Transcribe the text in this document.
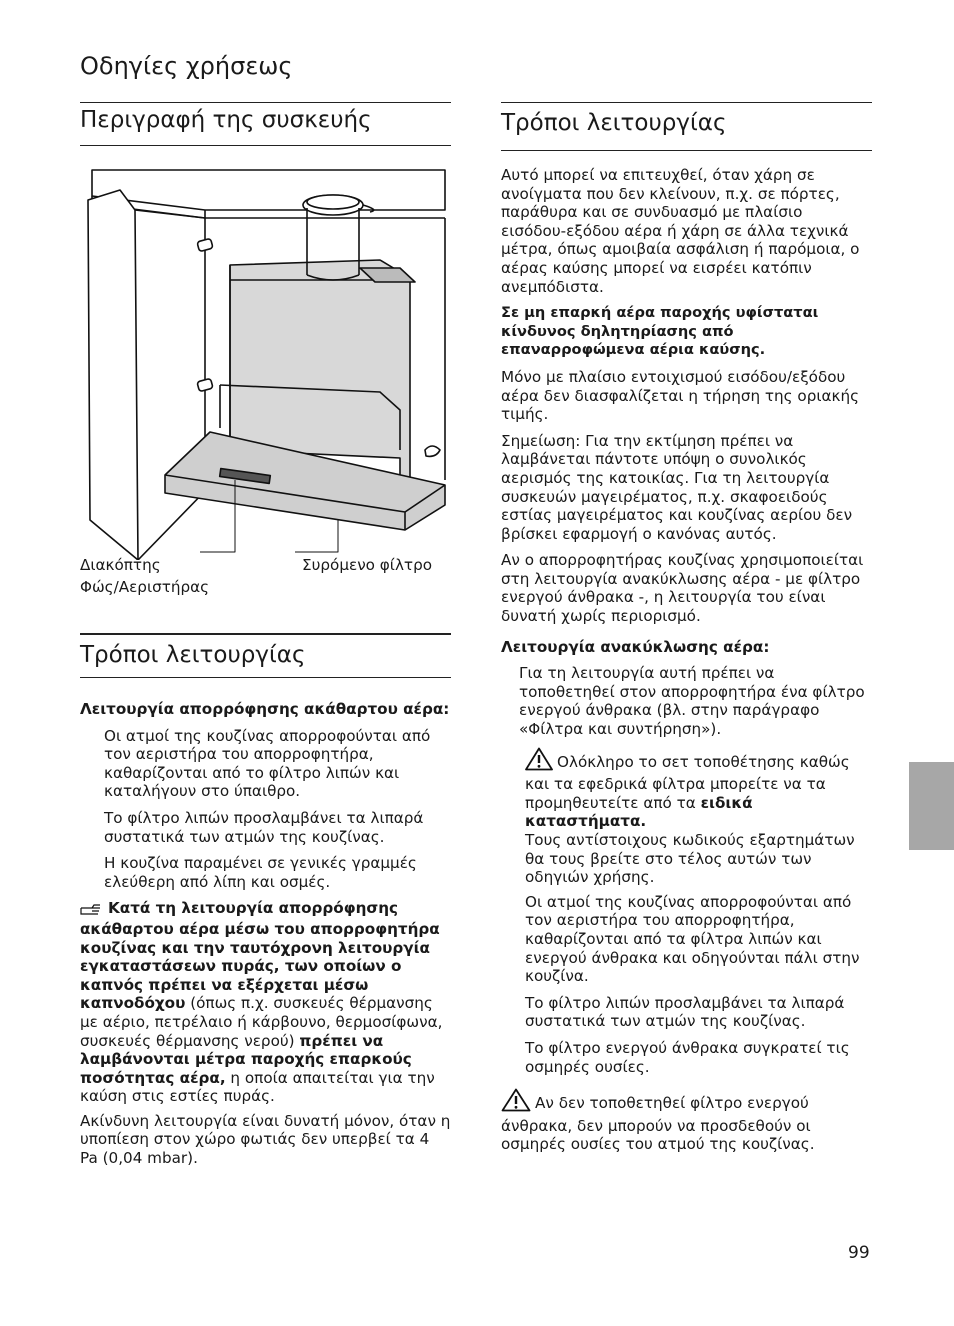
Οδηγίες χρήσεως
Περιγραφή της συσκευής
Διακόπτης
Φώς/Αεριστήρας
Συρόμενο φίλτρο
Τρόποι λειτουργίας

Λειτουργία απορρόφησης ακάθαρτου αέρα:

Οι ατμοί της κουζίνας απορροφούνται από τον αεριστήρα του απορροφητήρα, καθαρίζονται από το φίλτρο λιπών και καταλήγουν στο ύπαιθρο.

Το φίλτρο λιπών προσλαμβάνει τα λιπαρά συστατικά των ατμών της κουζίνας.

Η κουζίνα παραμένει σε γενικές γραμμές ελεύθερη από λίπη και οσμές.

Κατά τη λειτουργία απορρόφησης ακάθαρτου αέρα μέσω του απορροφητήρα κουζίνας και την ταυτόχρονη λειτουργία εγκαταστάσεων πυράς, των οποίων ο καπνός πρέπει να εξέρχεται μέσω καπνοδόχου (όπως π.χ. συσκευές θέρμανσης με αέριο, πετρέλαιο ή κάρβουνο, θερμοσίφωνα, συσκευές θέρμανσης νερού) πρέπει να λαμβάνονται μέτρα παροχής επαρκούς ποσότητας αέρα, η οποία απαιτείται για την καύση στις εστίες πυράς.

Ακίνδυνη λειτουργία είναι δυνατή μόνον, όταν η υποπίεση στον χώρο φωτιάς δεν υπερβεί τα 4 Pa (0,04 mbar).

Τρόποι λειτουργίας

Αυτό μπορεί να επιτευχθεί, όταν χάρη σε ανοίγματα που δεν κλείνουν, π.χ. σε πόρτες, παράθυρα και σε συνδυασμό με πλαίσιο εισόδου-εξόδου αέρα ή χάρη σε άλλα τεχνικά μέτρα, όπως αμοιβαία ασφάλιση ή παρόμοια, ο αέρας καύσης μπορεί να εισρέει κατόπιν ανεμπόδιστα.

Σε μη επαρκή αέρα παροχής υφίσταται κίνδυνος δηλητηρίασης από επαναρροφώμενα αέρια καύσης.

Μόνο με πλαίσιο εντοιχισμού εισόδου/εξόδου αέρα δεν διασφαλίζεται η τήρηση της οριακής τιμής.

Σημείωση: Για την εκτίμηση πρέπει να λαμβάνεται πάντοτε υπόψη ο συνολικός αερισμός της κατοικίας. Για τη λειτουργία συσκευών μαγειρέματος, π.χ. σκαφοειδούς εστίας μαγειρέματος και κουζίνας αερίου δεν βρίσκει εφαρμογή ο κανόνας αυτός.

Αν ο απορροφητήρας κουζίνας χρησιμοποιείται στη λειτουργία ανακύκλωσης αέρα - με φίλτρο ενεργού άνθρακα -, η λειτουργία του είναι δυνατή χωρίς περιορισμό.

Λειτουργία ανακύκλωσης αέρα:

Για τη λειτουργία αυτή πρέπει να τοποθετηθεί στον απορροφητήρα ένα φίλτρο ενεργού άνθρακα (βλ. στην παράγραφο «Φίλτρα και συντήρηση»).

Ολόκληρο το σετ τοποθέτησης καθώς και τα εφεδρικά φίλτρα μπορείτε να τα προμηθευτείτε από τα ειδικά καταστήματα.
Τους αντίστοιχους κωδικούς εξαρτημάτων θα τους βρείτε στο τέλος αυτών των οδηγιών χρήσης.

Οι ατμοί της κουζίνας απορροφούνται από τον αεριστήρα του απορροφητήρα, καθαρίζονται από τα φίλτρα λιπών και ενεργού άνθρακα και οδηγούνται πάλι στην κουζίνα.

Το φίλτρο λιπών προσλαμβάνει τα λιπαρά συστατικά των ατμών της κουζίνας.

Το φίλτρο ενεργού άνθρακα συγκρατεί τις οσμηρές ουσίες.

Αν δεν τοποθετηθεί φίλτρο ενεργού άνθρακα, δεν μπορούν να προσδεθούν οι οσμηρές ουσίες του ατμού της κουζίνας.

99
